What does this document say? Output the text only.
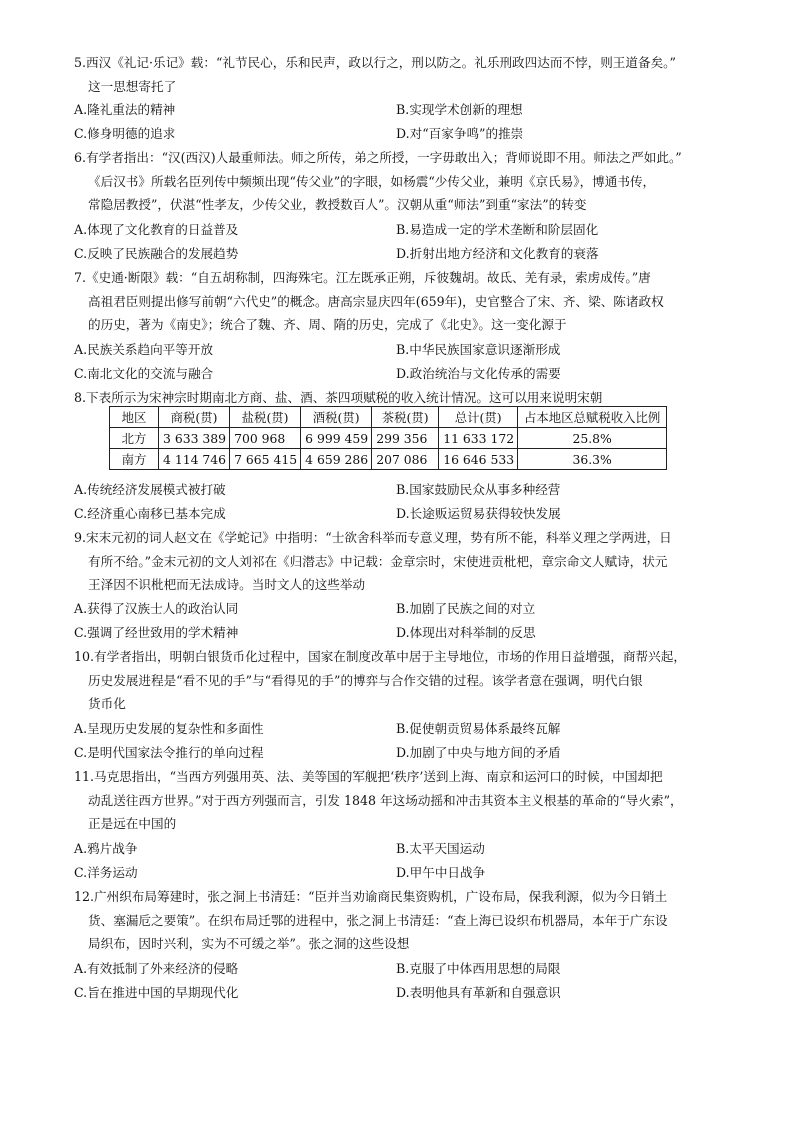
5.西汉《礼记·乐记》载：“礼节民心，乐和民声，政以行之，刑以防之。礼乐刑政四达而不悖，则王道备矣。”
这一思想寄托了
A.隆礼重法的精神	B.实现学术创新的理想
C.修身明德的追求	D.对“百家争鸣”的推崇
6.有学者指出：“汉(西汉)人最重师法。师之所传，弟之所授，一字毋敢出入；背师说即不用。师法之严如此。”
《后汉书》所载名臣列传中频频出现“传父业”的字眼，如杨震“少传父业，兼明《京氏易》，博通书传，
常隐居教授”，伏湛“性孝友，少传父业，教授数百人”。汉朝从重“师法”到重“家法”的转变
A.体现了文化教育的日益普及	B.易造成一定的学术垄断和阶层固化
C.反映了民族融合的发展趋势	D.折射出地方经济和文化教育的衰落
7.《史通·断限》载：“自五胡称制，四海殊宅。江左既承正朔，斥彼魏胡。故氐、羌有录，索虏成传。”唐
高祖君臣则提出修写前朝“六代史”的概念。唐高宗显庆四年(659年)，史官整合了宋、齐、梁、陈诸政权
的历史，著为《南史》；统合了魏、齐、周、隋的历史，完成了《北史》。这一变化源于
A.民族关系趋向平等开放	B.中华民族国家意识逐渐形成
C.南北文化的交流与融合	D.政治统治与文化传承的需要
8.下表所示为宋神宗时期南北方商、盐、酒、茶四项赋税的收入统计情况。这可以用来说明宋朝
地区	商税(贯)	盐税(贯)	酒税(贯)	茶税(贯)	总计(贯)	占本地区总赋税收入比例
北方	3 633 389	700 968	6 999 459	299 356	11 633 172	25.8%
南方	4 114 746	7 665 415	4 659 286	207 086	16 646 533	36.3%
A.传统经济发展模式被打破	B.国家鼓励民众从事多种经营
C.经济重心南移已基本完成	D.长途贩运贸易获得较快发展
9.宋末元初的词人赵文在《学蛇记》中指明：“士欲舍科举而专意义理，势有所不能，科举义理之学两进，日
有所不给。”金末元初的文人刘祁在《归潜志》中记载：金章宗时，宋使进贡枇杷，章宗命文人赋诗，状元
王泽因不识枇杷而无法成诗。当时文人的这些举动
A.获得了汉族士人的政治认同	B.加剧了民族之间的对立
C.强调了经世致用的学术精神	D.体现出对科举制的反思
10.有学者指出，明朝白银货币化过程中，国家在制度改革中居于主导地位，市场的作用日益增强，商帮兴起，
历史发展进程是“看不见的手”与“看得见的手”的博弈与合作交错的过程。该学者意在强调，明代白银
货币化
A.呈现历史发展的复杂性和多面性	B.促使朝贡贸易体系最终瓦解
C.是明代国家法令推行的单向过程	D.加剧了中央与地方间的矛盾
11.马克思指出，“当西方列强用英、法、美等国的军舰把‘秩序’送到上海、南京和运河口的时候，中国却把
动乱送往西方世界。”对于西方列强而言，引发 1848 年这场动摇和冲击其资本主义根基的革命的“导火索”，
正是远在中国的
A.鸦片战争	B.太平天国运动
C.洋务运动	D.甲午中日战争
12.广州织布局筹建时，张之洞上书清廷：“臣并当劝谕商民集资购机，广设布局，保我利源，似为今日销土
货、塞漏卮之要策”。在织布局迁鄂的进程中，张之洞上书清廷：“查上海已设织布机器局，本年于广东设
局织布，因时兴利，实为不可缓之举”。张之洞的这些设想
A.有效抵制了外来经济的侵略	B.克服了中体西用思想的局限
C.旨在推进中国的早期现代化	D.表明他具有革新和自强意识
